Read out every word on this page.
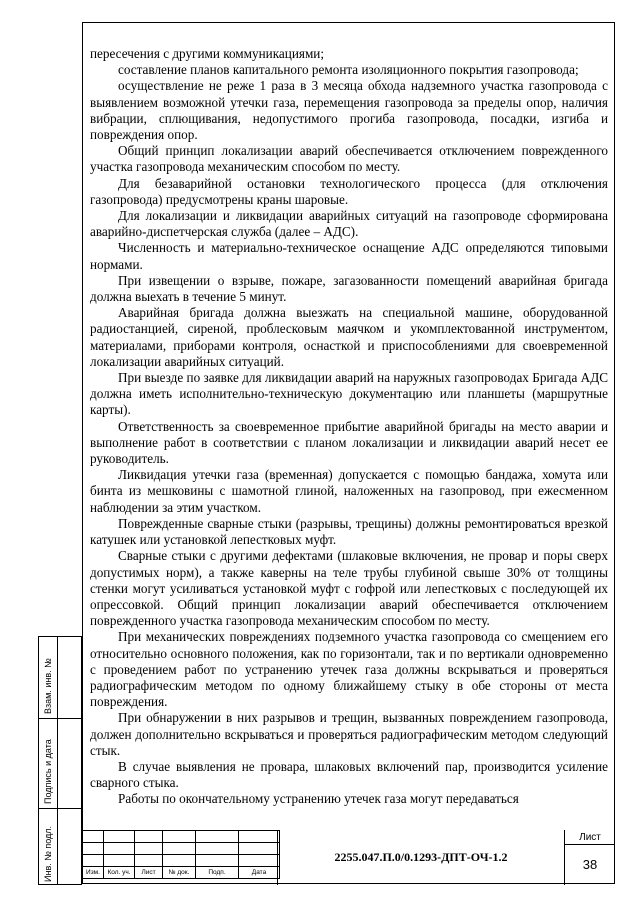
пересечения с другими коммуникациями;

составление планов капитального ремонта изоляционного покрытия газопровода;

осуществление не реже 1 раза в 3 месяца обхода надземного участка газопровода с выявлением возможной утечки газа, перемещения газопровода за пределы опор, наличия вибрации, сплющивания, недопустимого прогиба газопровода, посадки, изгиба и повреждения опор.

Общий принцип локализации аварий обеспечивается отключением поврежденного участка газопровода механическим способом по месту.

Для безаварийной остановки технологического процесса (для отключения газопровода) предусмотрены краны шаровые.

Для локализации и ликвидации аварийных ситуаций на газопроводе сформирована аварийно-диспетчерская служба (далее – АДС).

Численность и материально-техническое оснащение АДС определяются типовыми нормами.

При извещении о взрыве, пожаре, загазованности помещений аварийная бригада должна выехать в течение 5 минут.

Аварийная бригада должна выезжать на специальной машине, оборудованной радиостанцией, сиреной, проблесковым маячком и укомплектованной инструментом, материалами, приборами контроля, оснасткой и приспособлениями для своевременной локализации аварийных ситуаций.

При выезде по заявке для ликвидации аварий на наружных газопроводах Бригада АДС должна иметь исполнительно-техническую документацию или планшеты (маршрутные карты).

Ответственность за своевременное прибытие аварийной бригады на место аварии и выполнение работ в соответствии с планом локализации и ликвидации аварий несет ее руководитель.

Ликвидация утечки газа (временная) допускается с помощью бандажа, хомута или бинта из мешковины с шамотной глиной, наложенных на газопровод, при ежесменном наблюдении за этим участком.

Поврежденные сварные стыки (разрывы, трещины) должны ремонтироваться врезкой катушек или установкой лепестковых муфт.

Сварные стыки с другими дефектами (шлаковые включения, не провар и поры сверх допустимых норм), а также каверны на теле трубы глубиной свыше 30% от толщины стенки могут усиливаться установкой муфт с гофрой или лепестковых с последующей их опрессовкой. Общий принцип локализации аварий обеспечивается отключением поврежденного участка газопровода механическим способом по месту.

При механических повреждениях подземного участка газопровода со смещением его относительно основного положения, как по горизонтали, так и по вертикали одновременно с проведением работ по устранению утечек газа должны вскрываться и проверяться радиографическим методом по одному ближайшему стыку в обе стороны от места повреждения.

При обнаружении в них разрывов и трещин, вызванных повреждением газопровода, должен дополнительно вскрываться и проверяться радиографическим методом следующий стык.

В случае выявления не провара, шлаковых включений пар, производится усиление сварного стыка.

Работы по окончательному устранению утечек газа могут передаваться

Взам. инв. №
Подпись и дата
Инв. № подл.

						Изм.	Кол. уч.	Лист	№ док.	Подп.	Дата
2255.047.П.0/0.1293-ДПТ-ОЧ-1.2
Лист
38
